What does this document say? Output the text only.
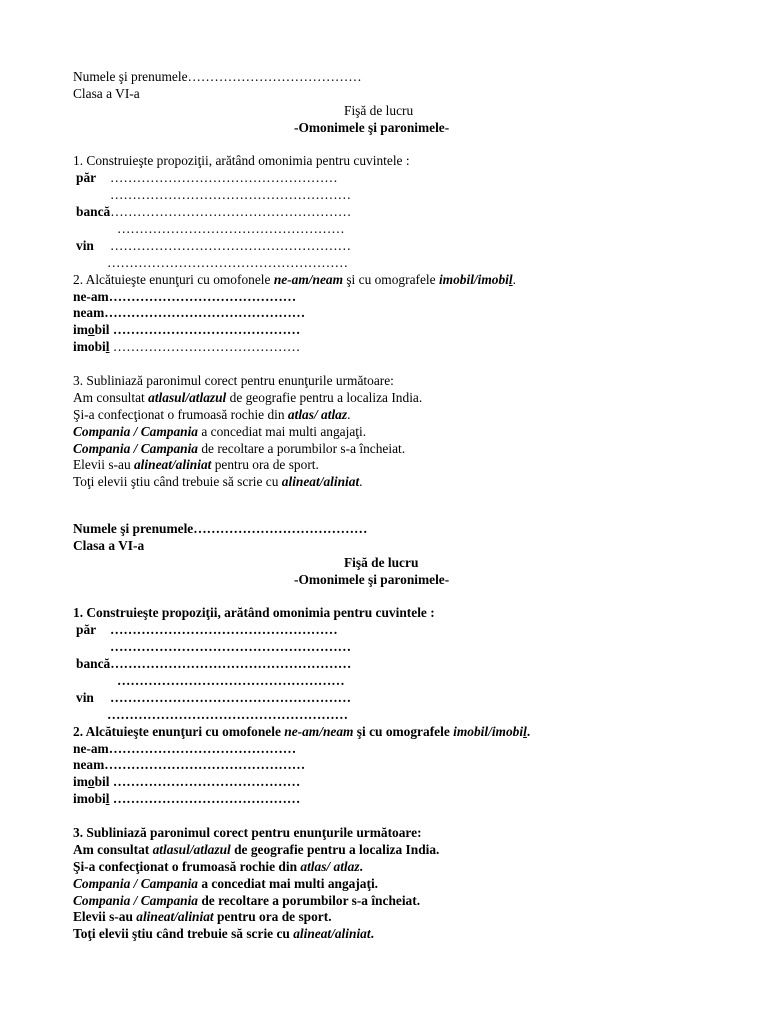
Numele şi prenumele…………………………………
Clasa a VI-a
Fişă de lucru
-Omonimele şi paronimele-
1. Construieşte propoziţii, arătând omonimia pentru cuvintele :
păr ……………………………………………
………………………………………………
bancă………………………………………………
……………………………………………
vin ………………………………………………
………………………………………………
2. Alcătuieşte enunţuri cu omofonele ne-am/neam şi cu omografele imobil/imobil.
ne-am……………………………………
neam………………………………………
imobil ……………………………………
imobil ……………………………………
3. Subliniază paronimul corect pentru enunţurile următoare:
Am consultat atlasul/atlazul de geografie pentru a localiza India.
Şi-a confecţionat o frumoasă rochie din atlas/ atlaz.
Compania / Campania a concediat mai multi angajaţi.
Compania / Campania de recoltare a porumbilor s-a încheiat.
Elevii s-au alineat/aliniat pentru ora de sport.
Toţi elevii ştiu când trebuie să scrie cu alineat/aliniat.
Numele şi prenumele…………………………………
Clasa a VI-a
Fişă de lucru
-Omonimele şi paronimele-
1. Construieşte propoziţii, arătând omonimia pentru cuvintele :
păr ……………………………………………
………………………………………………
bancă………………………………………………
……………………………………………
vin ………………………………………………
………………………………………………
2. Alcătuieşte enunţuri cu omofonele ne-am/neam şi cu omografele imobil/imobil.
ne-am……………………………………
neam………………………………………
imobil ……………………………………
imobil ……………………………………
3. Subliniază paronimul corect pentru enunţurile următoare:
Am consultat atlasul/atlazul de geografie pentru a localiza India.
Şi-a confecţionat o frumoasă rochie din atlas/ atlaz.
Compania / Campania a concediat mai multi angajaţi.
Compania / Campania de recoltare a porumbilor s-a încheiat.
Elevii s-au alineat/aliniat pentru ora de sport.
Toţi elevii ştiu când trebuie să scrie cu alineat/aliniat.
